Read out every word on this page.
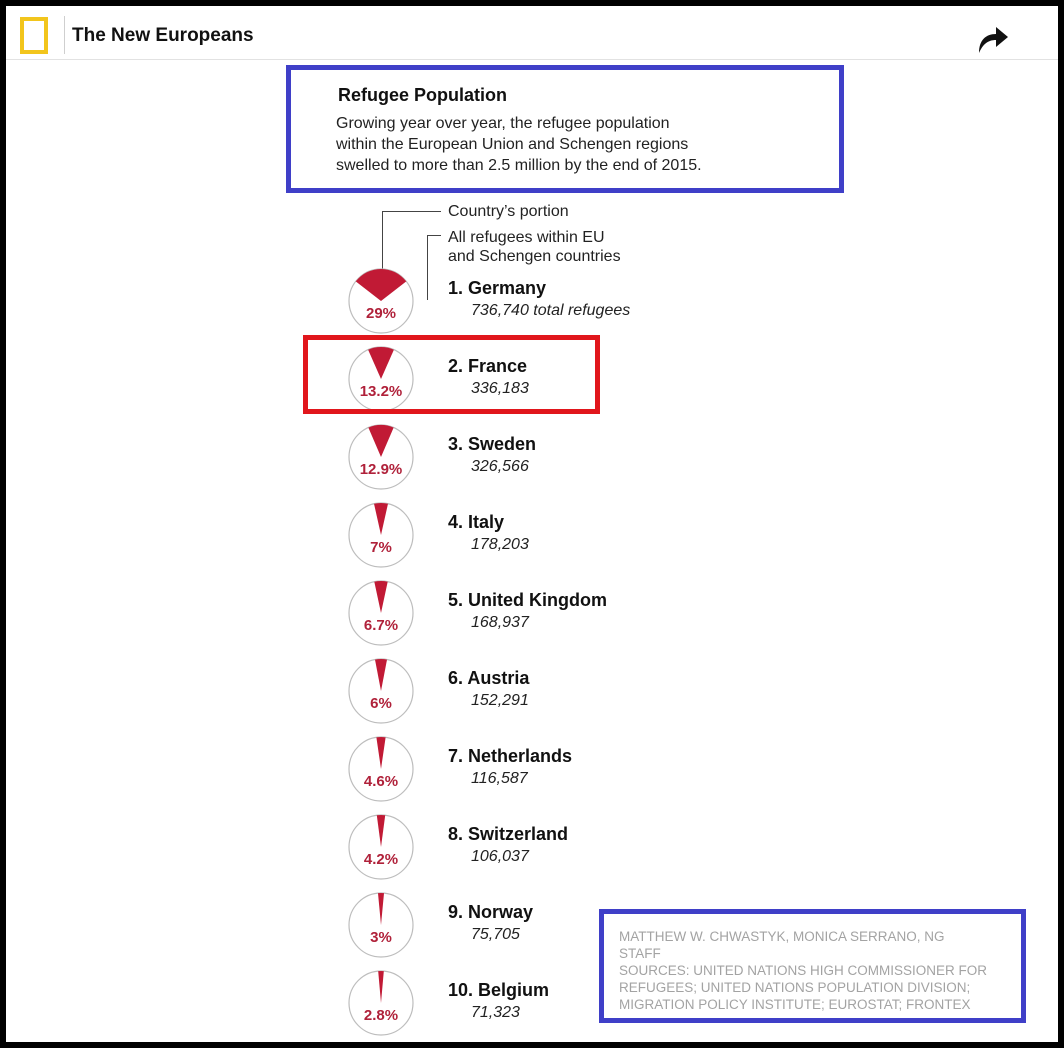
The New Europeans
Refugee Population
Growing year over year, the refugee population
within the European Union and Schengen regions
swelled to more than 2.5 million by the end of 2015.
Country’s portion
All refugees within EU
and Schengen countries
29%
1. Germany
736,740 total refugees
13.2%
2. France
336,183
12.9%
3. Sweden
326,566
7%
4. Italy
178,203
6.7%
5. United Kingdom
168,937
6%
6. Austria
152,291
4.6%
7. Netherlands
116,587
4.2%
8. Switzerland
106,037
3%
9. Norway
75,705
2.8%
10. Belgium
71,323
MATTHEW W. CHWASTYK, MONICA SERRANO, NG
STAFF
SOURCES: UNITED NATIONS HIGH COMMISSIONER FOR
REFUGEES; UNITED NATIONS POPULATION DIVISION;
MIGRATION POLICY INSTITUTE; EUROSTAT; FRONTEX
